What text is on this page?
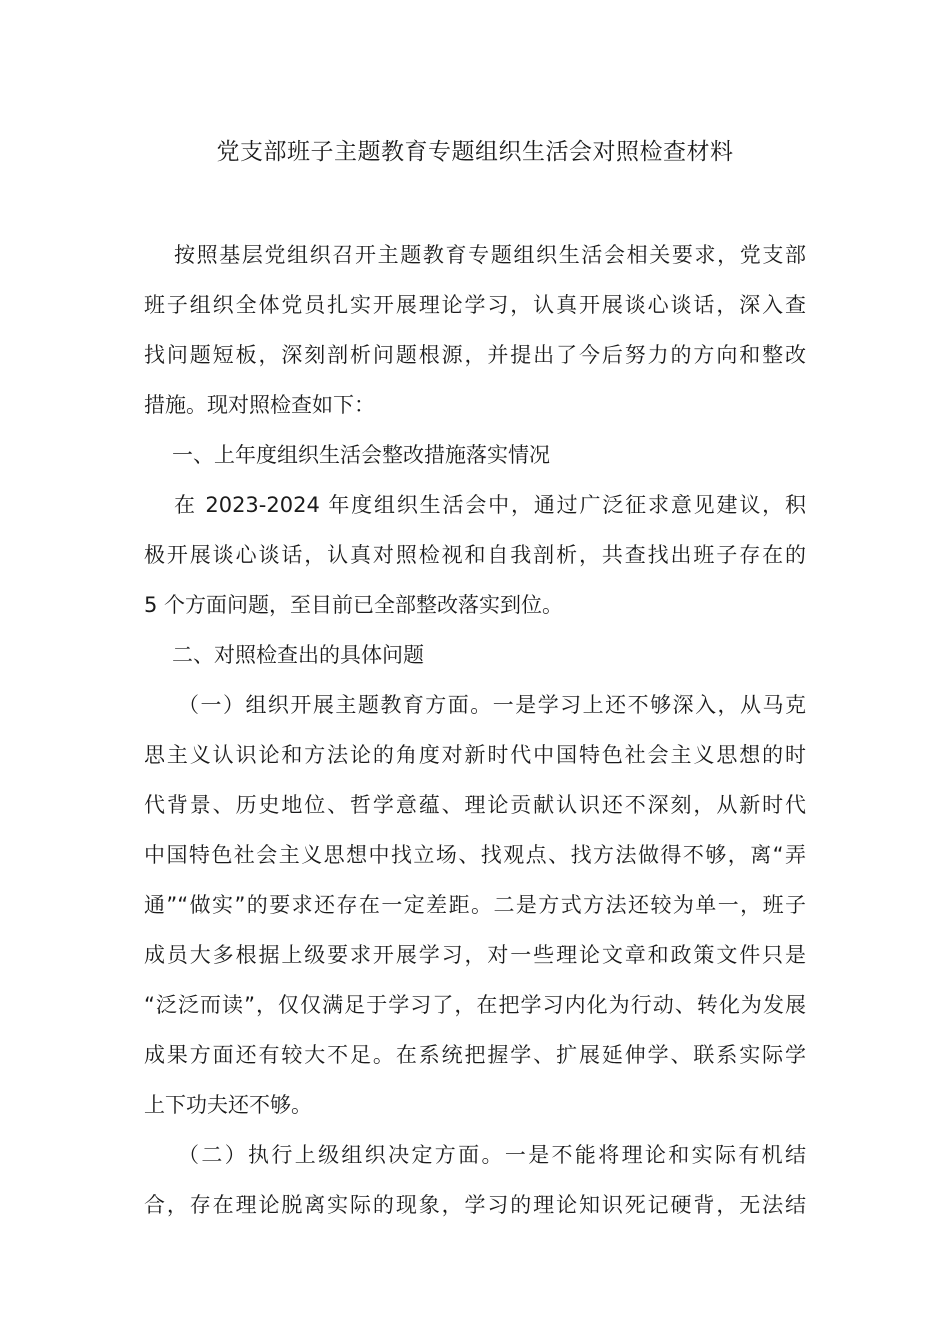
党支部班子主题教育专题组织生活会对照检查材料
按照基层党组织召开主题教育专题组织生活会相关要求，党支部
班子组织全体党员扎实开展理论学习，认真开展谈心谈话，深入查
找问题短板，深刻剖析问题根源，并提出了今后努力的方向和整改
措施。现对照检查如下：
一、上年度组织生活会整改措施落实情况
在 2023-2024 年度组织生活会中，通过广泛征求意见建议，积
极开展谈心谈话，认真对照检视和自我剖析，共查找出班子存在的
5 个方面问题，至目前已全部整改落实到位。
二、对照检查出的具体问题
（一）组织开展主题教育方面。一是学习上还不够深入，从马克
思主义认识论和方法论的角度对新时代中国特色社会主义思想的时
代背景、历史地位、哲学意蕴、理论贡献认识还不深刻，从新时代
中国特色社会主义思想中找立场、找观点、找方法做得不够，离“弄
通”“做实”的要求还存在一定差距。二是方式方法还较为单一，班子
成员大多根据上级要求开展学习，对一些理论文章和政策文件只是
“泛泛而读”，仅仅满足于学习了，在把学习内化为行动、转化为发展
成果方面还有较大不足。在系统把握学、扩展延伸学、联系实际学
上下功夫还不够。
（二）执行上级组织决定方面。一是不能将理论和实际有机结
合，存在理论脱离实际的现象，学习的理论知识死记硬背，无法结
